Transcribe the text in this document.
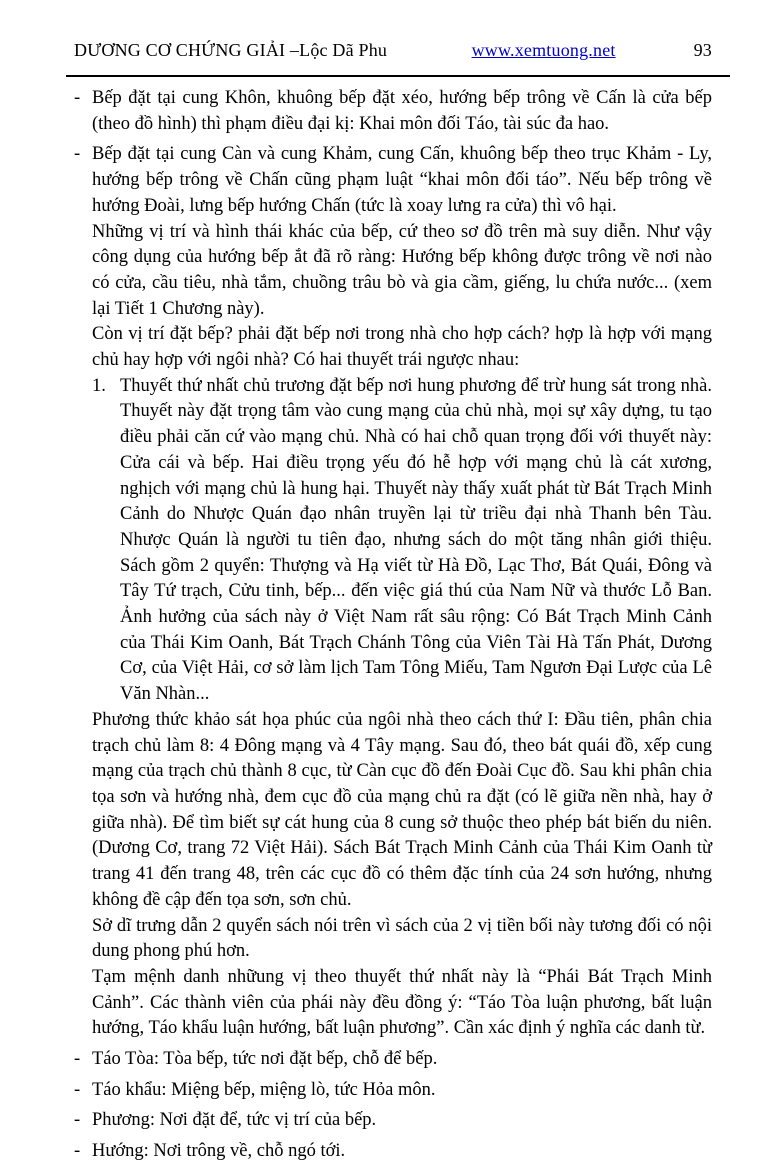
DƯƠNG CƠ CHỨNG GIẢI –Lộc Dã Phu	www.xemtuong.net	93
- Bếp đặt tại cung Khôn, khuông bếp đặt xéo, hướng bếp trông về Cấn là cửa bếp (theo đồ hình) thì phạm điều đại kị: Khai môn đối Táo, tài súc đa hao.
- Bếp đặt tại cung Càn và cung Khảm, cung Cấn, khuông bếp theo trục Khảm - Ly, hướng bếp trông về Chấn cũng phạm luật “khai môn đối táo”. Nếu bếp trông về hướng Đoài, lưng bếp hướng Chấn (tức là xoay lưng ra cửa) thì vô hại.
Những vị trí và hình thái khác của bếp, cứ theo sơ đồ trên mà suy diễn. Như vậy công dụng của hướng bếp ắt đã rõ ràng: Hướng bếp không được trông về nơi nào có cửa, cầu tiêu, nhà tắm, chuồng trâu bò và gia cầm, giếng, lu chứa nước... (xem lại Tiết 1 Chương này).
Còn vị trí đặt bếp? phải đặt bếp nơi trong nhà cho hợp cách? hợp là hợp với mạng chủ hay hợp với ngôi nhà? Có hai thuyết trái ngược nhau:
1. Thuyết thứ nhất chủ trương đặt bếp nơi hung phương để trừ hung sát trong nhà. Thuyết này đặt trọng tâm vào cung mạng của chủ nhà, mọi sự xây dựng, tu tạo điều phải căn cứ vào mạng chủ. Nhà có hai chỗ quan trọng đối với thuyết này: Cửa cái và bếp. Hai điều trọng yếu đó hễ hợp với mạng chủ là cát xương, nghịch với mạng chủ là hung hại. Thuyết này thấy xuất phát từ Bát Trạch Minh Cảnh do Nhược Quán đạo nhân truyền lại từ triều đại nhà Thanh bên Tàu. Nhược Quán là người tu tiên đạo, nhưng sách do một tăng nhân giới thiệu. Sách gồm 2 quyển: Thượng và Hạ viết từ Hà Đồ, Lạc Thơ, Bát Quái, Đông và Tây Tứ trạch, Cửu tinh, bếp... đến việc giá thú của Nam Nữ và thước Lỗ Ban. Ảnh hưởng của sách này ở Việt Nam rất sâu rộng: Có Bát Trạch Minh Cảnh của Thái Kim Oanh, Bát Trạch Chánh Tông của Viên Tài Hà Tấn Phát, Dương Cơ, của Việt Hải, cơ sở làm lịch Tam Tông Miếu, Tam Ngươn Đại Lược của Lê Văn Nhàn...
Phương thức khảo sát họa phúc của ngôi nhà theo cách thứ I: Đầu tiên, phân chia trạch chủ làm 8: 4 Đông mạng và 4 Tây mạng. Sau đó, theo bát quái đồ, xếp cung mạng của trạch chủ thành 8 cục, từ Càn cục đồ đến Đoài Cục đồ. Sau khi phân chia tọa sơn và hướng nhà, đem cục đồ của mạng chủ ra đặt (có lẽ giữa nền nhà, hay ở giữa nhà). Để tìm biết sự cát hung của 8 cung sở thuộc theo phép bát biến du niên. (Dương Cơ, trang 72 Việt Hải). Sách Bát Trạch Minh Cảnh của Thái Kim Oanh từ trang 41 đến trang 48, trên các cục đồ có thêm đặc tính của 24 sơn hướng, nhưng không đề cập đến tọa sơn, sơn chủ.
Sở dĩ trưng dẫn 2 quyển sách nói trên vì sách của 2 vị tiền bối này tương đối có nội dung phong phú hơn.
Tạm mệnh danh nhữung vị theo thuyết thứ nhất này là “Phái Bát Trạch Minh Cảnh”. Các thành viên của phái này đều đồng ý: “Táo Tòa luận phương, bất luận hướng, Táo khẩu luận hướng, bất luận phương”. Cần xác định ý nghĩa các danh từ.
- Táo Tòa: Tòa bếp, tức nơi đặt bếp, chỗ để bếp.
- Táo khẩu: Miệng bếp, miệng lò, tức Hỏa môn.
- Phương: Nơi đặt để, tức vị trí của bếp.
- Hướng: Nơi trông về, chỗ ngó tới.
